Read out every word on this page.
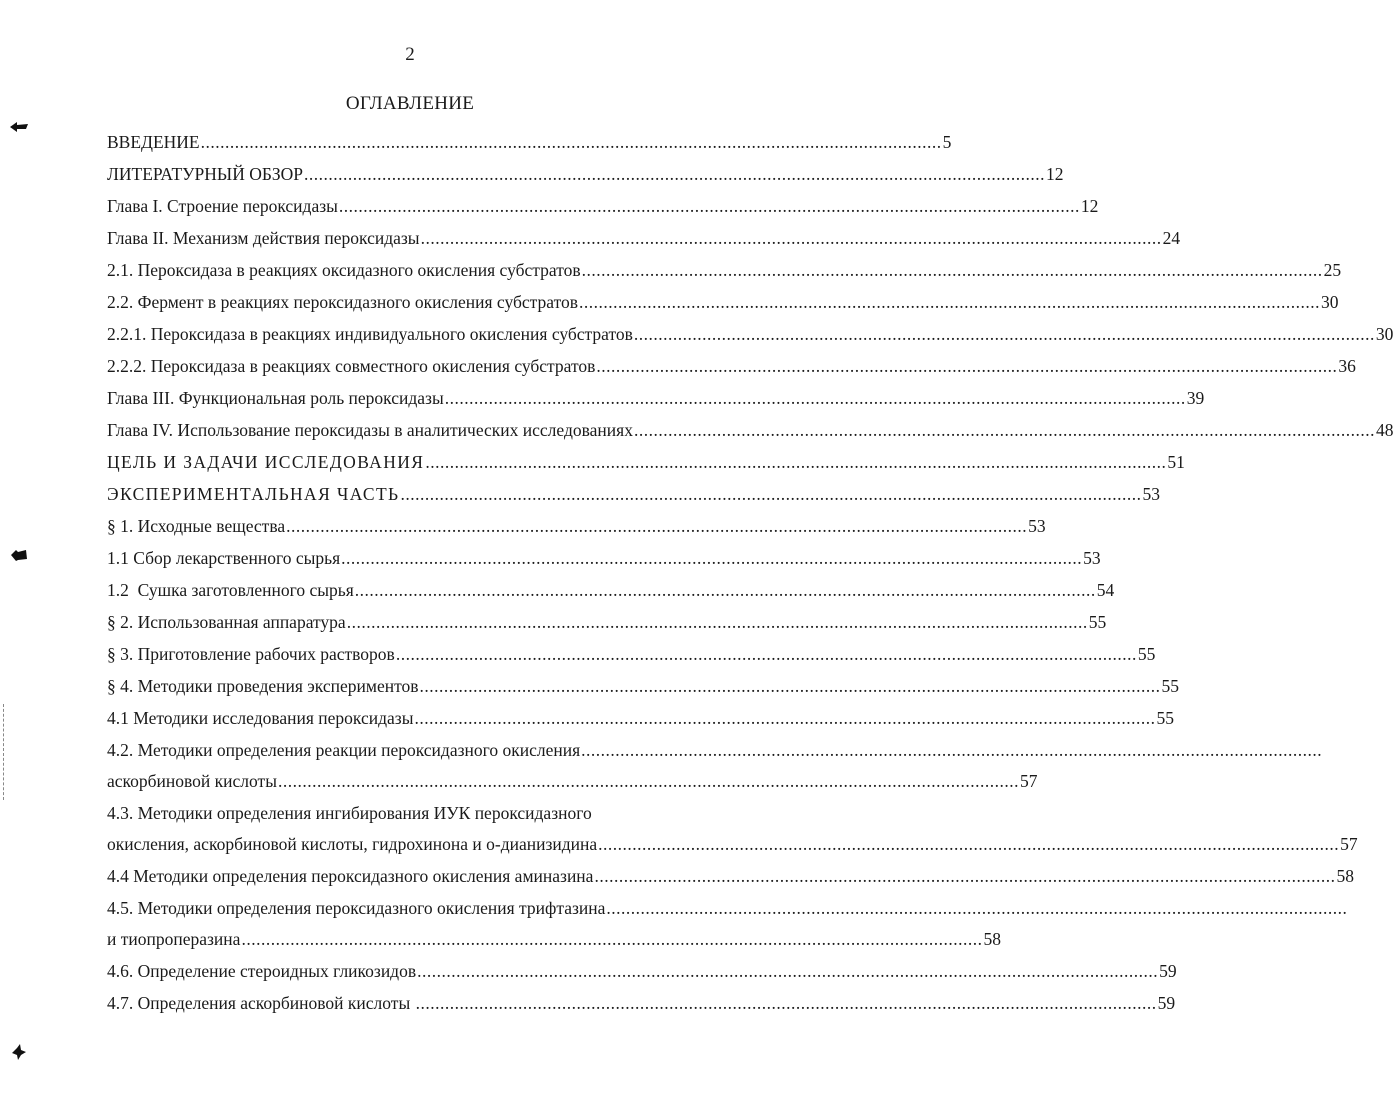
2
ОГЛАВЛЕНИЕ
ВВЕДЕНИЕ ........................................................................................................................................................ 5
ЛИТЕРАТУРНЫЙ ОБЗОР ........................................................................................................................................................ 12
Глава I. Строение пероксидазы ........................................................................................................................................................ 12
Глава II. Механизм действия пероксидазы ........................................................................................................................................................ 24
2.1. Пероксидаза в реакциях оксидазного окисления субстратов ........................................................................................................................................................ 25
2.2. Фермент в реакциях пероксидазного окисления субстратов ........................................................................................................................................................ 30
2.2.1. Пероксидаза в реакциях индивидуального окисления субстратов ........................................................................................................................................................ 30
2.2.2. Пероксидаза в реакциях совместного окисления субстратов ........................................................................................................................................................ 36
Глава III. Функциональная роль пероксидазы ........................................................................................................................................................ 39
Глава IV. Использование пероксидазы в аналитических исследованиях ........................................................................................................................................................ 48
ЦЕЛЬ И ЗАДАЧИ ИССЛЕДОВАНИЯ ........................................................................................................................................................ 51
ЭКСПЕРИМЕНТАЛЬНАЯ ЧАСТЬ ........................................................................................................................................................ 53
§ 1. Исходные вещества ........................................................................................................................................................ 53
1.1 Сбор лекарственного сырья ........................................................................................................................................................ 53
1.2  Сушка заготовленного сырья ........................................................................................................................................................ 54
§ 2. Использованная аппаратура ........................................................................................................................................................ 55
§ 3. Приготовление рабочих растворов ........................................................................................................................................................ 55
§ 4. Методики проведения экспериментов ........................................................................................................................................................ 55
4.1 Методики исследования пероксидазы ........................................................................................................................................................ 55
4.2. Методики определения реакции пероксидазного окисления ........................................................................................................................................................
аскорбиновой кислоты ........................................................................................................................................................ 57
4.3. Методики определения ингибирования ИУК пероксидазного
окисления, аскорбиновой кислоты, гидрохинона и о-дианизидина ........................................................................................................................................................ 57
4.4 Методики определения пероксидазного окисления аминазина ........................................................................................................................................................ 58
4.5. Методики определения пероксидазного окисления трифтазина ........................................................................................................................................................
и тиопроперазина ........................................................................................................................................................ 58
4.6. Определение стероидных гликозидов ........................................................................................................................................................ 59
4.7. Определения аскорбиновой кислоты ........................................................................................................................................................ 59
